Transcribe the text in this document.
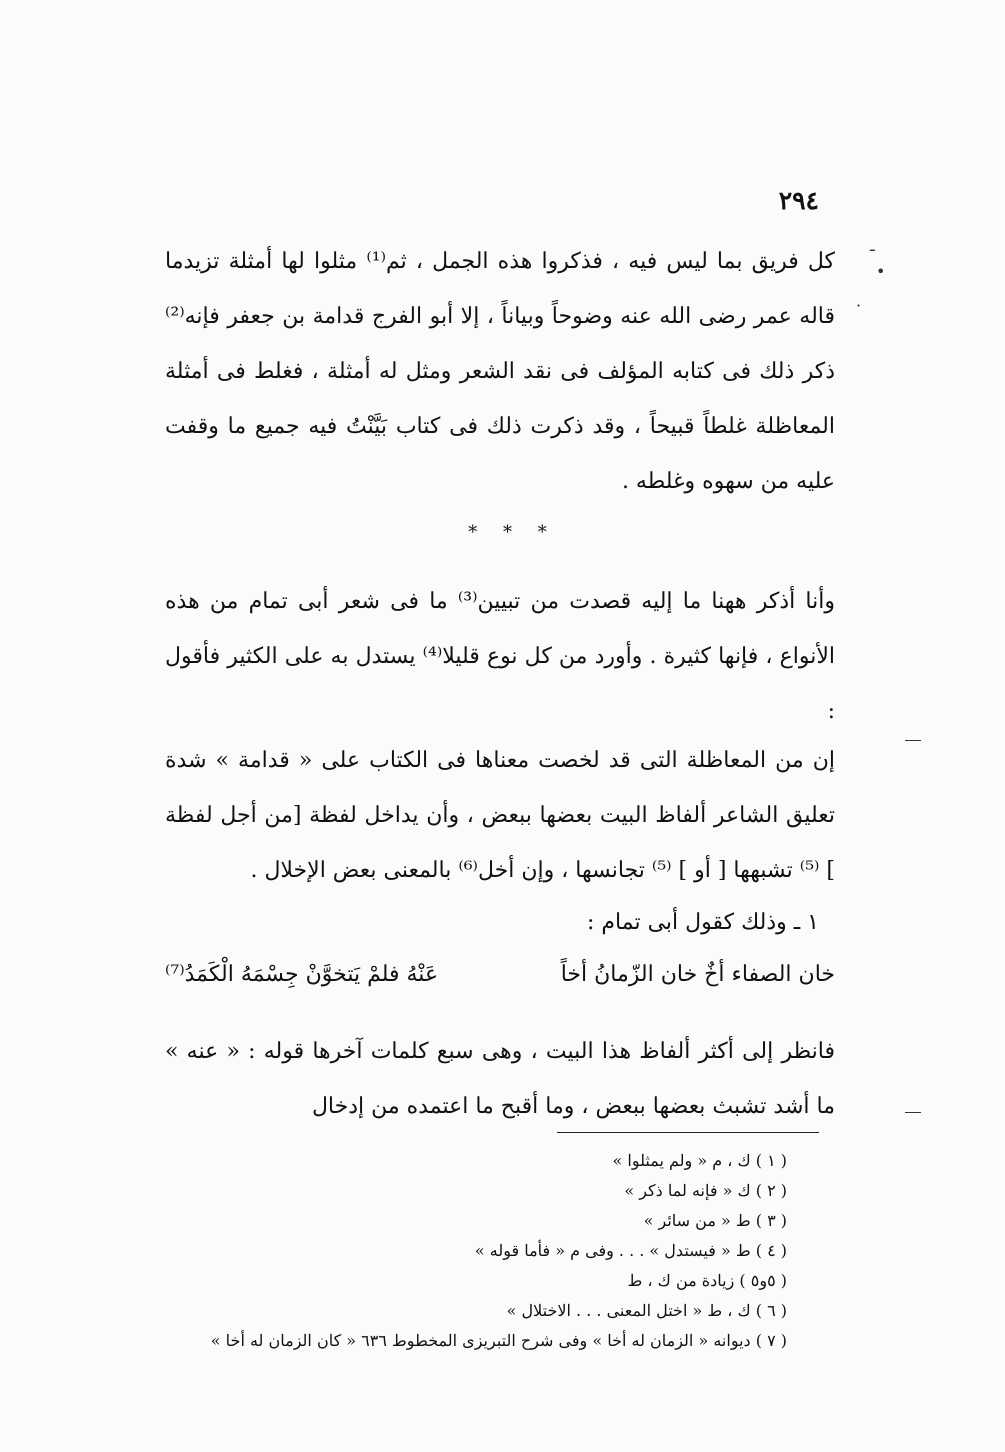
٢٩٤
ـ
•
·

كل فريق بما ليس فيه ، فذكروا هذه الجمل ، ثم⁽¹⁾ مثلوا لها أمثلة تزيدما قاله عمر رضى الله عنه وضوحاً وبياناً ، إلا أبو الفرج قدامة بن جعفر فإنه⁽²⁾ ذكر ذلك فى كتابه المؤلف فى نقد الشعر ومثل له أمثلة ، فغلط فى أمثلة المعاظلة غلطاً قبيحاً ، وقد ذكرت ذلك فى كتاب بَيَّنْتُ فيه جميع ما وقفت عليه من سهوه وغلطه .

* * *

وأنا أذكر ههنا ما إليه قصدت من تبيين⁽³⁾ ما فى شعر أبى تمام من هذه الأنواع ، فإنها كثيرة . وأورد من كل نوع قليلا⁽⁴⁾ يستدل به على الكثير فأقول :

إن من المعاظلة التى قد لخصت معناها فى الكتاب على « قدامة » شدة تعليق الشاعر ألفاظ البيت بعضها ببعض ، وأن يداخل لفظة [من أجل لفظة ] ⁽⁵⁾ تشبهها [ أو ] ⁽⁵⁾ تجانسها ، وإن أخل⁽⁶⁾ بالمعنى بعض الإخلال .

١ ـ وذلك كقول أبى تمام :
خان الصفاء أخٌ خان الزّمانُ أخاً
عَنْهُ فلمْ يَتخوَّنْ جِسْمَهُ الْكَمَدُ⁽⁷⁾

فانظر إلى أكثر ألفاظ هذا البيت ، وهى سبع كلمات آخرها قوله : « عنه » ما أشد تشبث بعضها ببعض ، وما أقبح ما اعتمده من إدخال

( ١ ) ك ، م « ولم يمثلوا »
( ٢ ) ك « فإنه لما ذكر »
( ٣ ) ط « من سائر »
( ٤ ) ط « فيستدل » . . . وفى م « فأما قوله »
( ٥و٥ ) زيادة من ك ، ط
( ٦ ) ك ، ط « اختل المعنى . . . الاختلال »
( ٧ ) ديوانه « الزمان له أخا » وفى شرح التبريزى المخطوط ٦٣٦ « كان الزمان له أخا »
